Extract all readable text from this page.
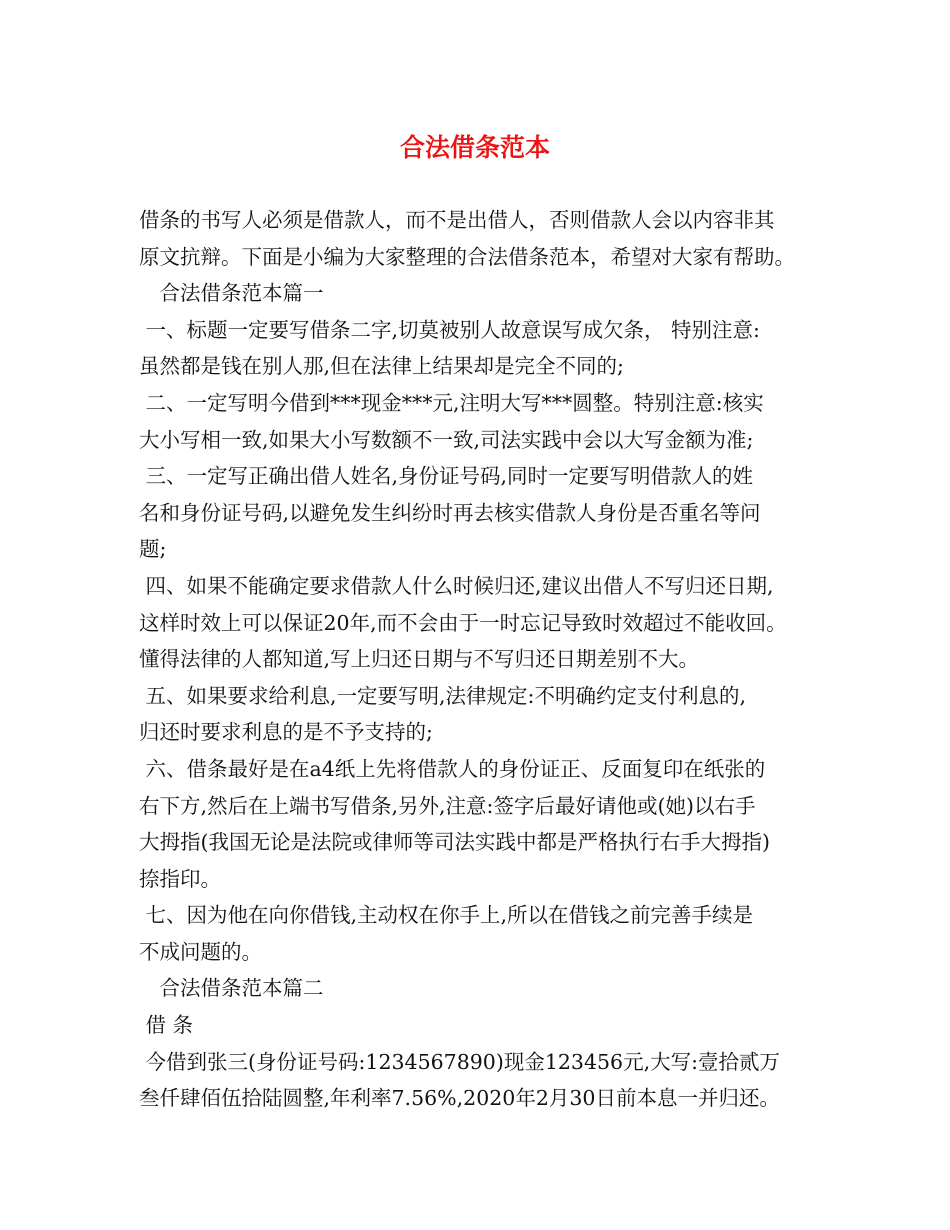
合法借条范本
借条的书写人必须是借款人，而不是出借人，否则借款人会以内容非其
原文抗辩。下面是小编为大家整理的合法借条范本，希望对大家有帮助。
　合法借条范本篇一
一、标题一定要写借条二字,切莫被别人故意误写成欠条， 特别注意:
虽然都是钱在别人那,但在法律上结果却是完全不同的;
二、一定写明今借到***现金***元,注明大写***圆整。特别注意:核实
大小写相一致,如果大小写数额不一致,司法实践中会以大写金额为准;
三、一定写正确出借人姓名,身份证号码,同时一定要写明借款人的姓
名和身份证号码,以避免发生纠纷时再去核实借款人身份是否重名等问
题;
四、如果不能确定要求借款人什么时候归还,建议出借人不写归还日期,
这样时效上可以保证20年,而不会由于一时忘记导致时效超过不能收回。
懂得法律的人都知道,写上归还日期与不写归还日期差别不大。
五、如果要求给利息,一定要写明,法律规定:不明确约定支付利息的,
归还时要求利息的是不予支持的;
六、借条最好是在a4纸上先将借款人的身份证正、反面复印在纸张的
右下方,然后在上端书写借条,另外,注意:签字后最好请他或(她)以右手
大拇指(我国无论是法院或律师等司法实践中都是严格执行右手大拇指)
捺指印。
七、因为他在向你借钱,主动权在你手上,所以在借钱之前完善手续是
不成问题的。
　合法借条范本篇二
借 条
今借到张三(身份证号码:1234567890)现金123456元,大写:壹拾贰万
叁仟肆佰伍拾陆圆整,年利率7.56%,2020年2月30日前本息一并归还。
